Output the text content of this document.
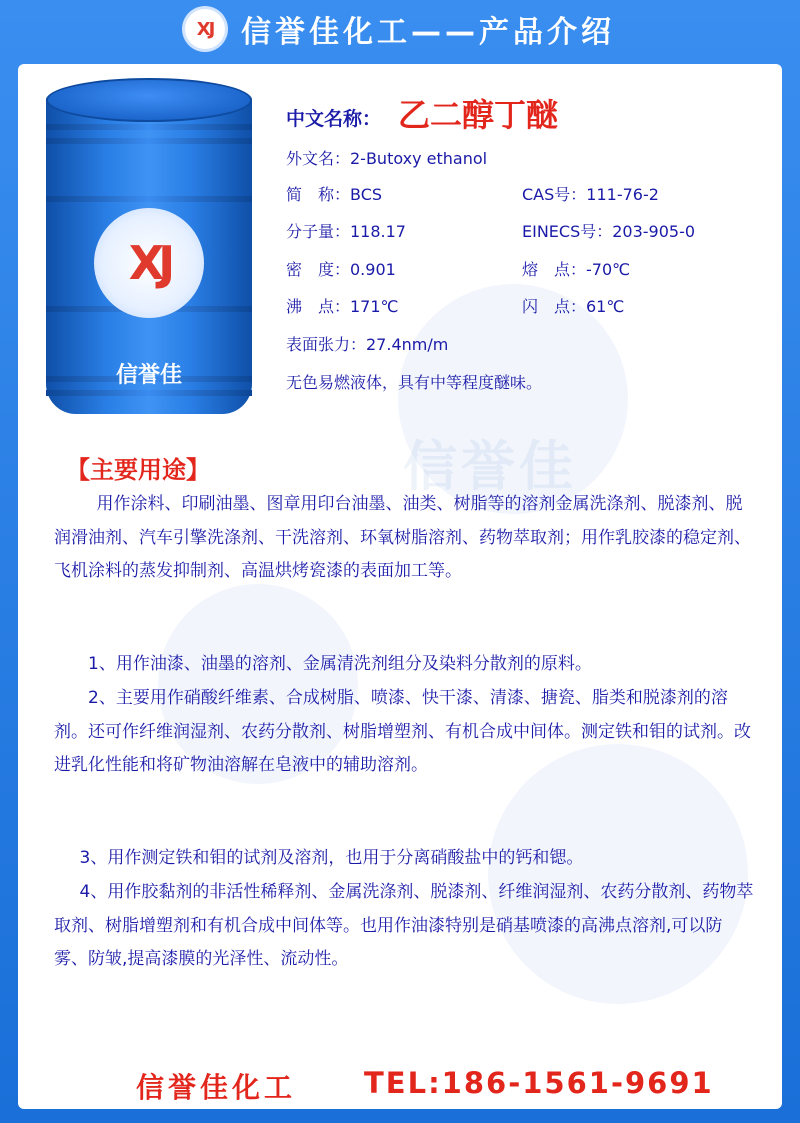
XJ 信誉佳化工——产品介绍
信誉佳
XJ
信誉佳
中文名称： 乙二醇丁醚
外文名：2-Butoxy ethanol
简　称：BCS	CAS号：111-76-2
分子量：118.17	EINECS号：203-905-0
密　度：0.901	熔　点：-70℃
沸　点：171℃	闪　点：61℃
表面张力：27.4nm/m
无色易燃液体，具有中等程度醚味。
【主要用途】

用作涂料、印刷油墨、图章用印台油墨、油类、树脂等的溶剂金属洗涤剂、脱漆剂、脱润滑油剂、汽车引擎洗涤剂、干洗溶剂、环氧树脂溶剂、药物萃取剂；用作乳胶漆的稳定剂、飞机涂料的蒸发抑制剂、高温烘烤瓷漆的表面加工等。

1、用作油漆、油墨的溶剂、金属清洗剂组分及染料分散剂的原料。

2、主要用作硝酸纤维素、合成树脂、喷漆、快干漆、清漆、搪瓷、脂类和脱漆剂的溶剂。还可作纤维润湿剂、农药分散剂、树脂增塑剂、有机合成中间体。测定铁和钼的试剂。改进乳化性能和将矿物油溶解在皂液中的辅助溶剂。

3、用作测定铁和钼的试剂及溶剂，也用于分离硝酸盐中的钙和锶。

4、用作胶黏剂的非活性稀释剂、金属洗涤剂、脱漆剂、纤维润湿剂、农药分散剂、药物萃取剂、树脂增塑剂和有机合成中间体等。也用作油漆特别是硝基喷漆的高沸点溶剂,可以防雾、防皱,提高漆膜的光泽性、流动性。

信誉佳化工 TEL:186-1561-9691
